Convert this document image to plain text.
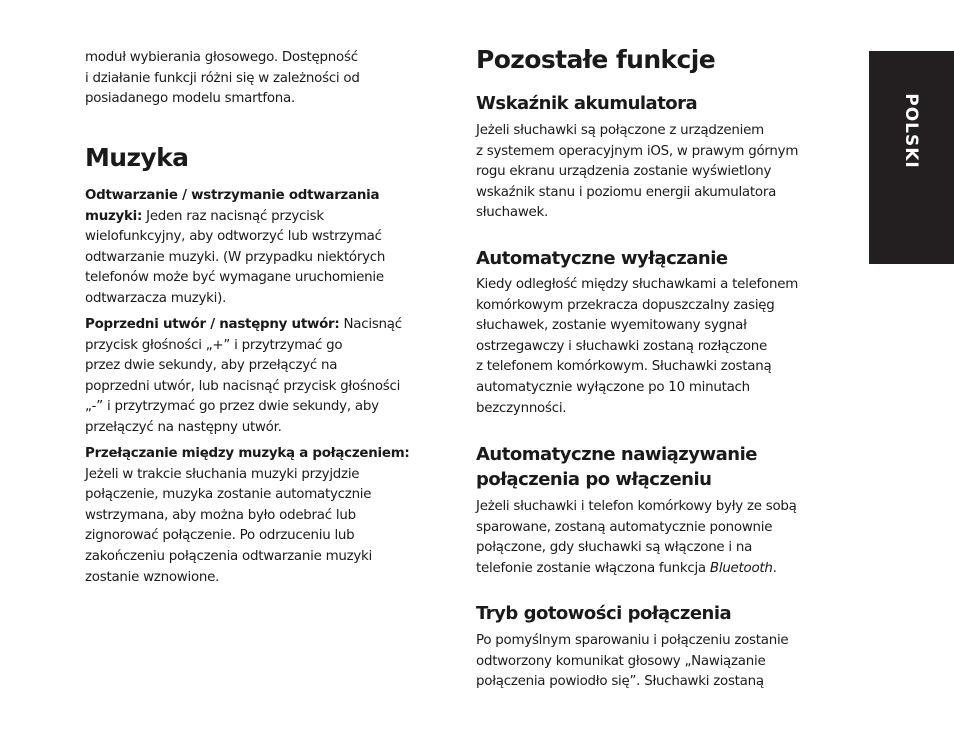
moduł wybierania głosowego. Dostępność
i działanie funkcji różni się w zależności od
posiadanego modelu smartfona.

Muzyka

Odtwarzanie / wstrzymanie odtwarzania
muzyki: Jeden raz nacisnąć przycisk
wielofunkcyjny, aby odtworzyć lub wstrzymać
odtwarzanie muzyki. (W przypadku niektórych
telefonów może być wymagane uruchomienie
odtwarzacza muzyki).

Poprzedni utwór / następny utwór: Nacisnąć
przycisk głośności „+” i przytrzymać go
przez dwie sekundy, aby przełączyć na
poprzedni utwór, lub nacisnąć przycisk głośności
„-” i przytrzymać go przez dwie sekundy, aby
przełączyć na następny utwór.

Przełączanie między muzyką a połączeniem:
Jeżeli w trakcie słuchania muzyki przyjdzie
połączenie, muzyka zostanie automatycznie
wstrzymana, aby można było odebrać lub
zignorować połączenie. Po odrzuceniu lub
zakończeniu połączenia odtwarzanie muzyki
zostanie wznowione.

Pozostałe funkcje
Wskaźnik akumulatora

Jeżeli słuchawki są połączone z urządzeniem
z systemem operacyjnym iOS, w prawym górnym
rogu ekranu urządzenia zostanie wyświetlony
wskaźnik stanu i poziomu energii akumulatora
słuchawek.

Automatyczne wyłączanie

Kiedy odległość między słuchawkami a telefonem
komórkowym przekracza dopuszczalny zasięg
słuchawek, zostanie wyemitowany sygnał
ostrzegawczy i słuchawki zostaną rozłączone
z telefonem komórkowym. Słuchawki zostaną
automatycznie wyłączone po 10 minutach
bezczynności.

Automatyczne nawiązywanie
połączenia po włączeniu

Jeżeli słuchawki i telefon komórkowy były ze sobą
sparowane, zostaną automatycznie ponownie
połączone, gdy słuchawki są włączone i na
telefonie zostanie włączona funkcja Bluetooth.

Tryb gotowości połączenia

Po pomyślnym sparowaniu i połączeniu zostanie
odtworzony komunikat głosowy „Nawiązanie
połączenia powiodło się”. Słuchawki zostaną

POLSKI
